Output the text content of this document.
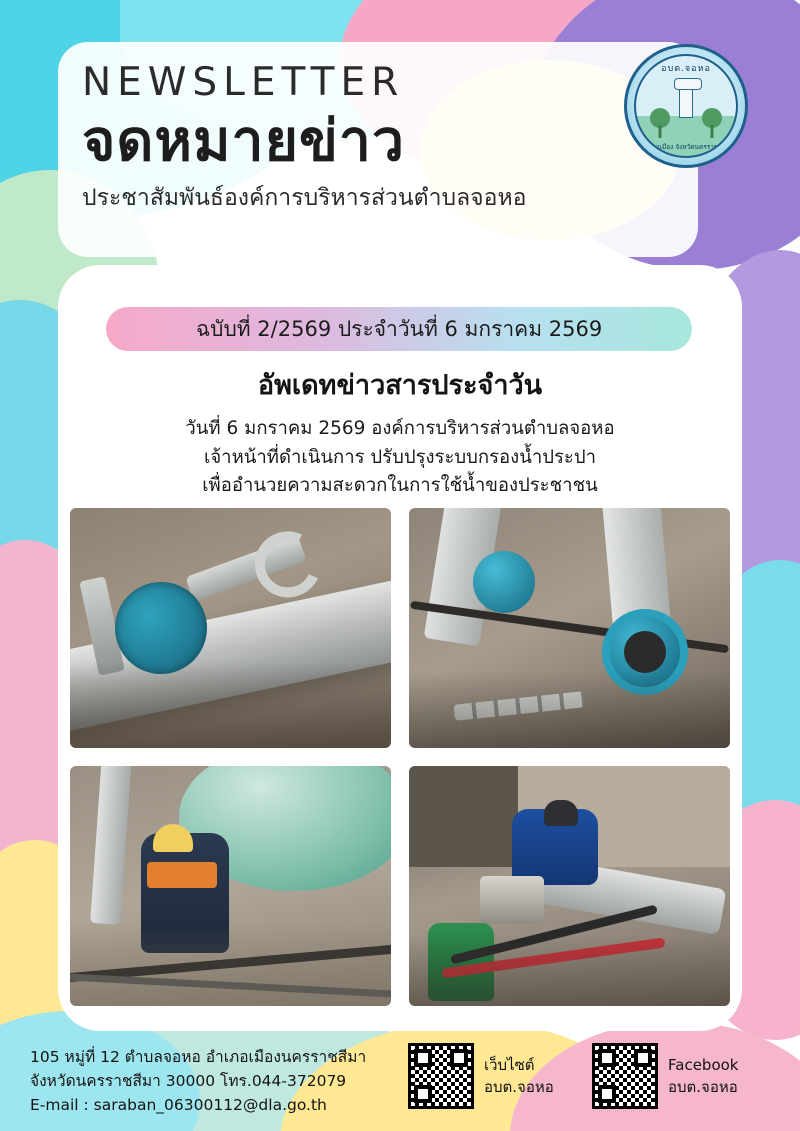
NEWSLETTER
จดหมายข่าว
ประชาสัมพันธ์องค์การบริหารส่วนตำบลจอหอ
อบต.จอหอ
อำเภอเมือง จังหวัดนครราชสีมา
ฉบับที่ 2/2569 ประจำวันที่ 6 มกราคม 2569
อัพเดทข่าวสารประจำวัน
วันที่ 6 มกราคม 2569 องค์การบริหารส่วนตำบลจอหอ
เจ้าหน้าที่ดำเนินการ ปรับปรุงระบบกรองน้ำประปา
เพื่ออำนวยความสะดวกในการใช้น้ำของประชาชน
105 หมู่ที่ 12 ตำบลจอหอ อำเภอเมืองนครราชสีมา
จังหวัดนครราชสีมา 30000 โทร.044-372079
E-mail : saraban_06300112@dla.go.th
เว็บไซต์
อบต.จอหอ
Facebook
อบต.จอหอ
